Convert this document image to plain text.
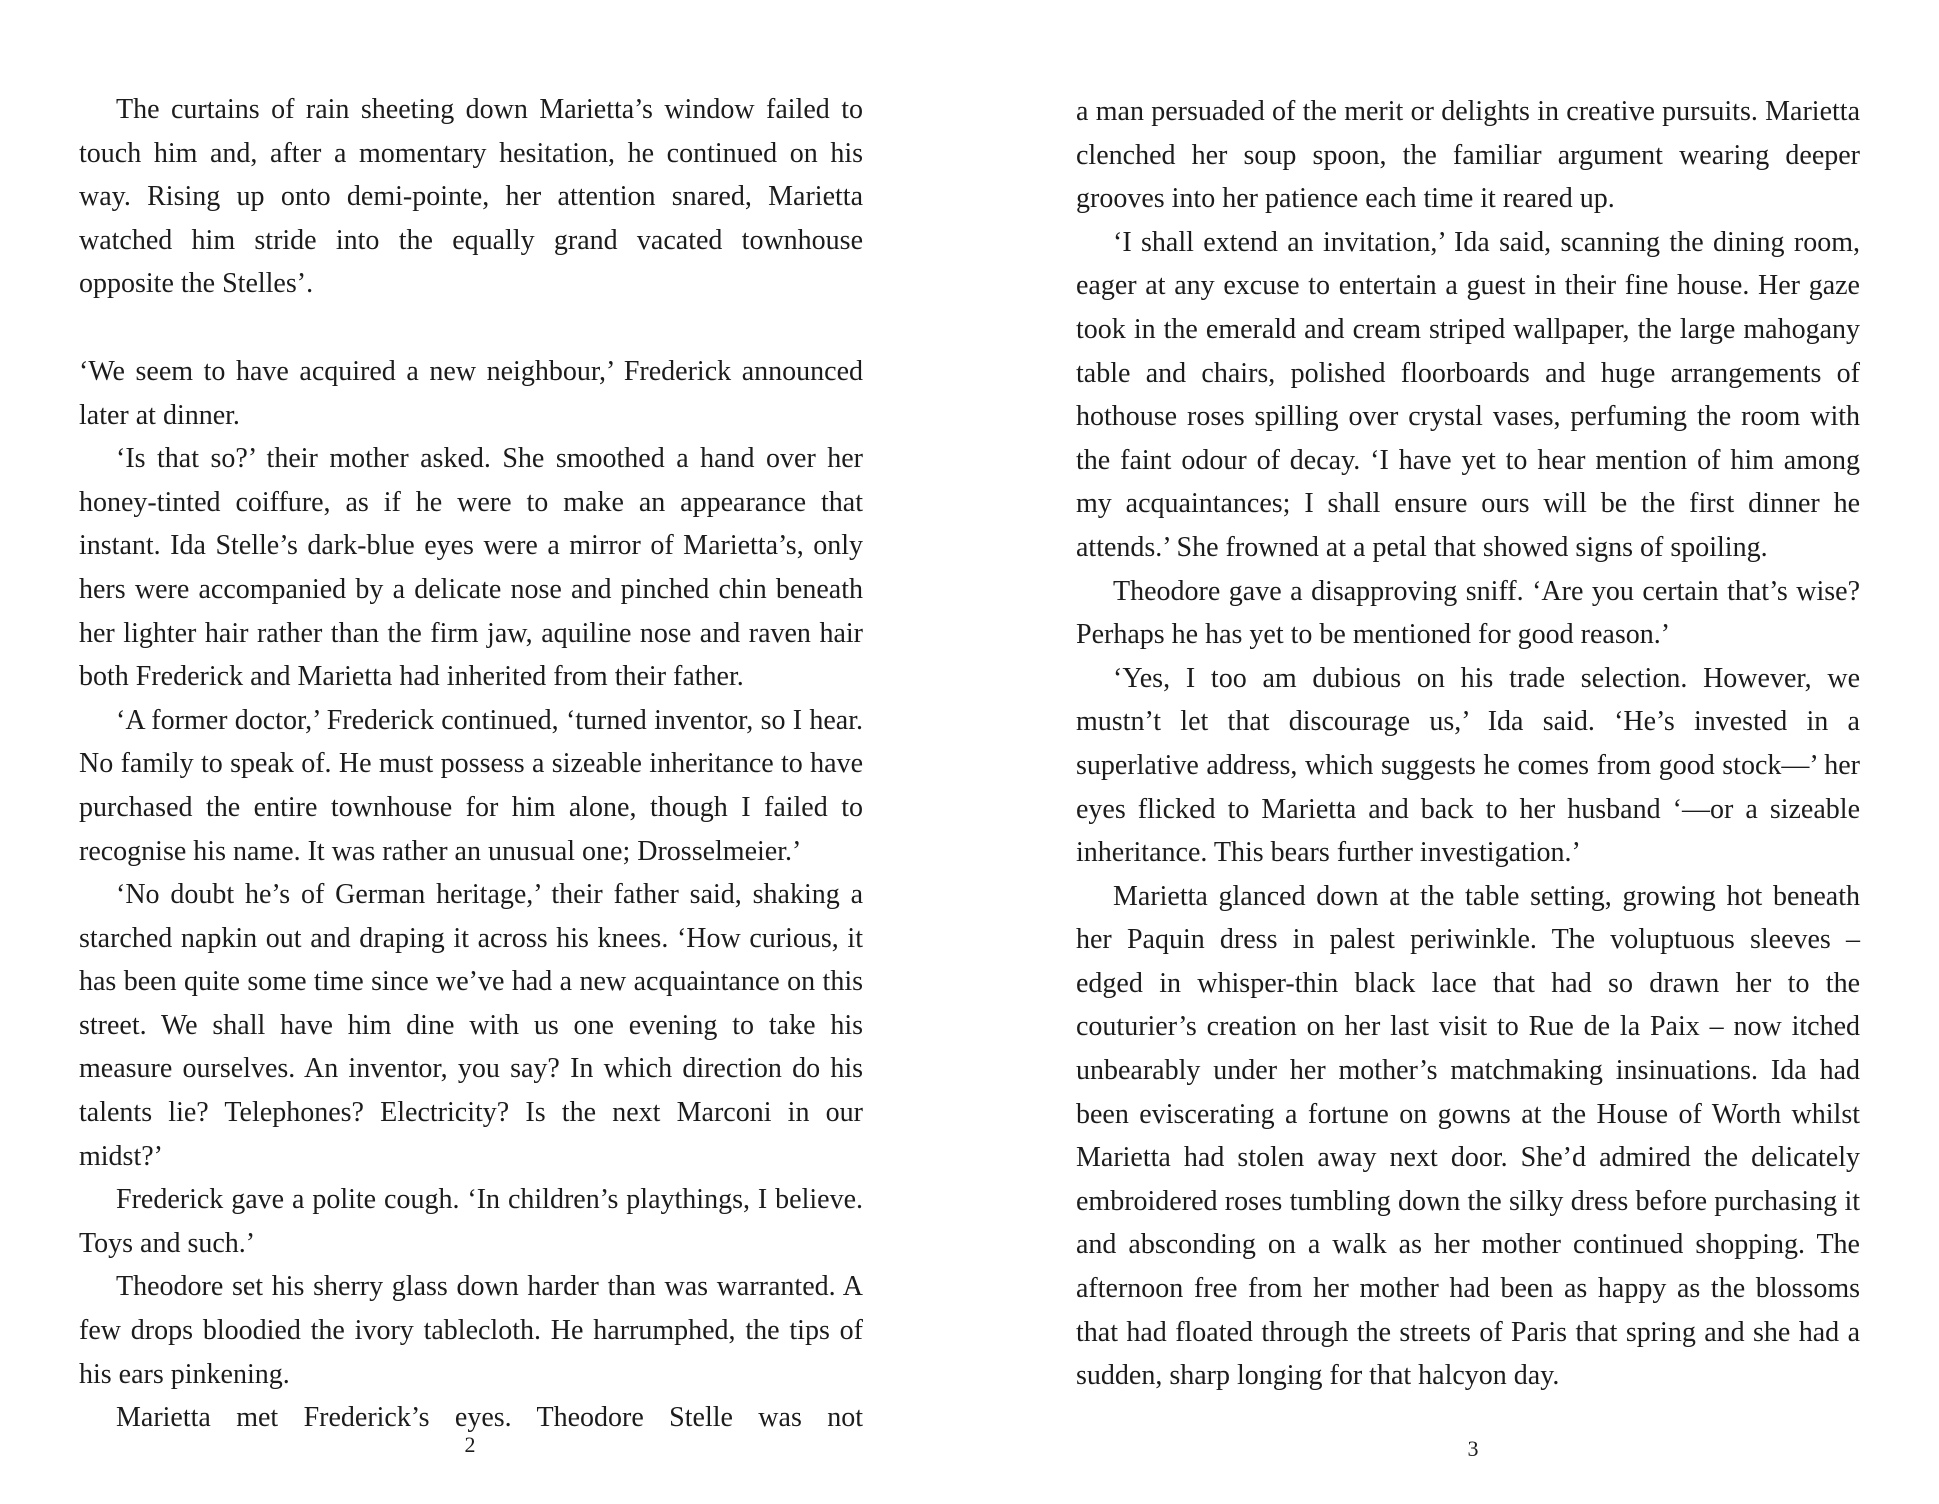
The curtains of rain sheeting down Marietta’s window failed to touch him and, after a momentary hesitation, he continued on his way. Rising up onto demi-pointe, her attention snared, Marietta watched him stride into the equally grand vacated townhouse opposite the Stelles’.

‘We seem to have acquired a new neighbour,’ Frederick announced later at dinner.

‘Is that so?’ their mother asked. She smoothed a hand over her honey-tinted coiffure, as if he were to make an appearance that instant. Ida Stelle’s dark-blue eyes were a mirror of Marietta’s, only hers were accompanied by a delicate nose and pinched chin beneath her lighter hair rather than the firm jaw, aquiline nose and raven hair both Frederick and Marietta had inherited from their father.

‘A former doctor,’ Frederick continued, ‘turned inventor, so I hear. No family to speak of. He must possess a sizeable inheritance to have purchased the entire townhouse for him alone, though I failed to recognise his name. It was rather an unusual one; Drosselmeier.’

‘No doubt he’s of German heritage,’ their father said, shaking a starched napkin out and draping it across his knees. ‘How curious, it has been quite some time since we’ve had a new acquaintance on this street. We shall have him dine with us one evening to take his measure ourselves. An inventor, you say? In which direction do his talents lie? Telephones? Electricity? Is the next Marconi in our midst?’

Frederick gave a polite cough. ‘In children’s playthings, I believe. Toys and such.’

Theodore set his sherry glass down harder than was warranted. A few drops bloodied the ivory tablecloth. He harrumphed, the tips of his ears pinkening.

Marietta met Frederick’s eyes. Theodore Stelle was not

2

a man persuaded of the merit or delights in creative pursuits. Marietta clenched her soup spoon, the familiar argument wearing deeper grooves into her patience each time it reared up.

‘I shall extend an invitation,’ Ida said, scanning the dining room, eager at any excuse to entertain a guest in their fine house. Her gaze took in the emerald and cream striped wallpaper, the large mahogany table and chairs, polished floorboards and huge arrangements of hothouse roses spilling over crystal vases, perfuming the room with the faint odour of decay. ‘I have yet to hear mention of him among my acquaintances; I shall ensure ours will be the first dinner he attends.’ She frowned at a petal that showed signs of spoiling.

Theodore gave a disapproving sniff. ‘Are you certain that’s wise? Perhaps he has yet to be mentioned for good reason.’

‘Yes, I too am dubious on his trade selection. However, we mustn’t let that discourage us,’ Ida said. ‘He’s invested in a superlative address, which suggests he comes from good stock—’ her eyes flicked to Marietta and back to her husband ‘—or a sizeable inheritance. This bears further investigation.’

Marietta glanced down at the table setting, growing hot beneath her Paquin dress in palest periwinkle. The voluptuous sleeves – edged in whisper-thin black lace that had so drawn her to the couturier’s creation on her last visit to Rue de la Paix – now itched unbearably under her mother’s matchmaking insinuations. Ida had been eviscerating a fortune on gowns at the House of Worth whilst Marietta had stolen away next door. She’d admired the delicately embroidered roses tumbling down the silky dress before purchasing it and absconding on a walk as her mother continued shopping. The afternoon free from her mother had been as happy as the blossoms that had floated through the streets of Paris that spring and she had a sudden, sharp longing for that halcyon day.

3
